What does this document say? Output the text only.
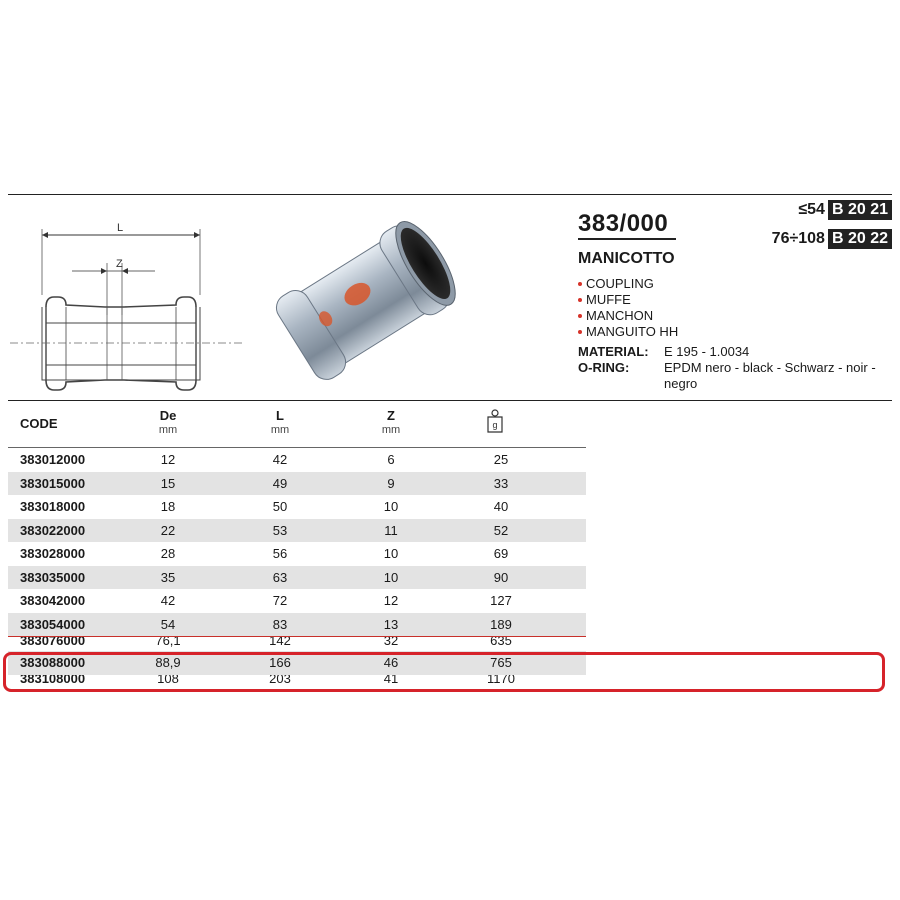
L
Z
383/000
MANICOTTO
COUPLING
MUFFE
MANCHON
MANGUITO HH
MATERIAL:	E 195 - 1.0034
O-RING:	EPDM nero - black - Schwarz - noir - negro
≤54 B 20 21
76÷108 B 20 22
CODE
De
mm
L
mm
Z
mm
383012000	12	42	6	25
383015000	15	49	9	33
383018000	18	50	10	40
383022000	22	53	11	52
383028000	28	56	10	69
383035000	35	63	10	90
383042000	42	72	12	127
383054000	54	83	13	189
383076000	76,1	142	32	635
383088000	88,9	166	46	765
383108000	108	203	41	1170
g
